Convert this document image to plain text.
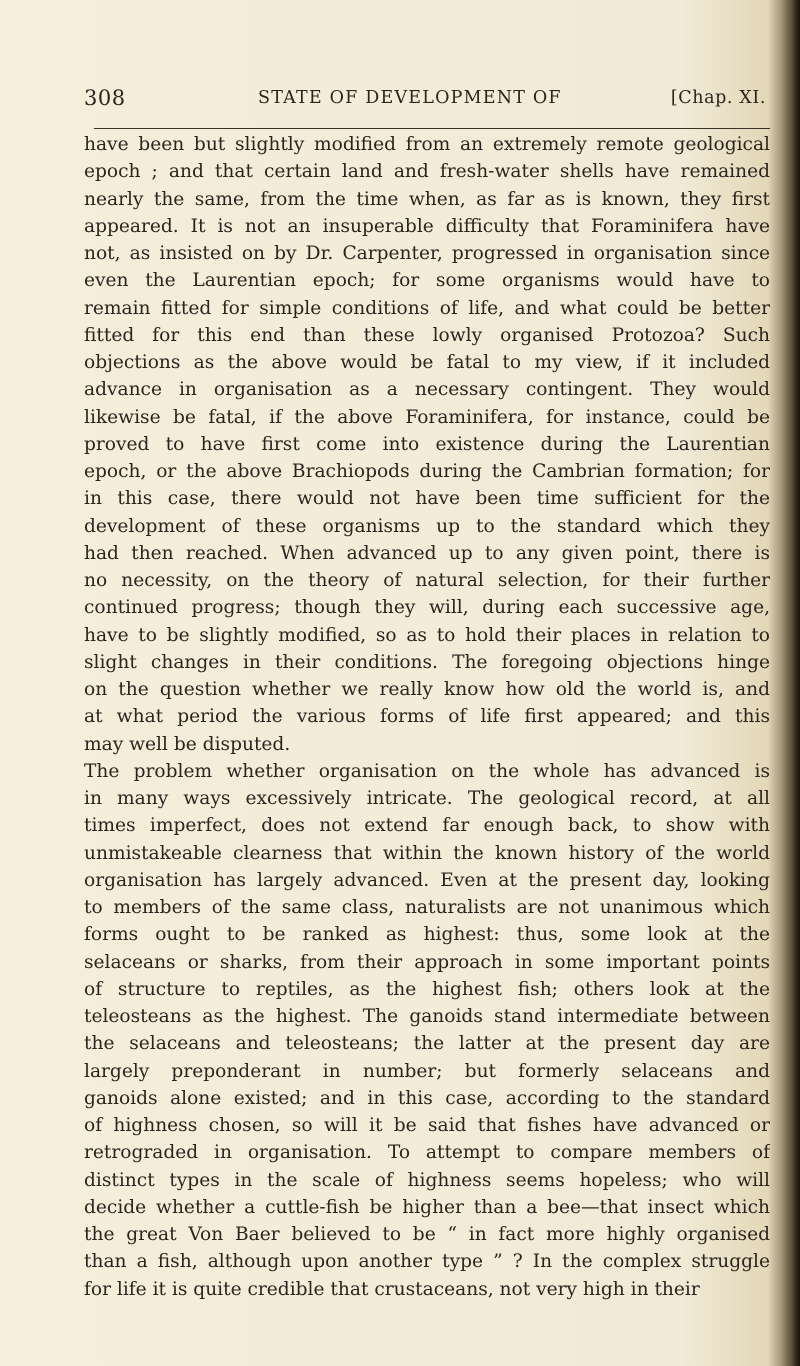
308	STATE OF DEVELOPMENT OF	[Chap. XI.
have been but slightly modified from an extremely remote geological
epoch ; and that certain land and fresh-water shells have remained
nearly the same, from the time when, as far as is known, they first
appeared. It is not an insuperable difficulty that Foraminifera have
not, as insisted on by Dr. Carpenter, progressed in organisation since
even the Laurentian epoch; for some organisms would have to
remain fitted for simple conditions of life, and what could be better
fitted for this end than these lowly organised Protozoa? Such
objections as the above would be fatal to my view, if it included
advance in organisation as a necessary contingent. They would
likewise be fatal, if the above Foraminifera, for instance, could be
proved to have first come into existence during the Laurentian
epoch, or the above Brachiopods during the Cambrian formation; for
in this case, there would not have been time sufficient for the
development of these organisms up to the standard which they
had then reached. When advanced up to any given point, there is
no necessity, on the theory of natural selection, for their further
continued progress; though they will, during each successive age,
have to be slightly modified, so as to hold their places in relation to
slight changes in their conditions. The foregoing objections hinge
on the question whether we really know how old the world is, and
at what period the various forms of life first appeared; and this
may well be disputed.
The problem whether organisation on the whole has advanced is
in many ways excessively intricate. The geological record, at all
times imperfect, does not extend far enough back, to show with
unmistakeable clearness that within the known history of the world
organisation has largely advanced. Even at the present day, looking
to members of the same class, naturalists are not unanimous which
forms ought to be ranked as highest: thus, some look at the
selaceans or sharks, from their approach in some important points
of structure to reptiles, as the highest fish; others look at the
teleosteans as the highest. The ganoids stand intermediate between
the selaceans and teleosteans; the latter at the present day are
largely preponderant in number; but formerly selaceans and
ganoids alone existed; and in this case, according to the standard
of highness chosen, so will it be said that fishes have advanced or
retrograded in organisation. To attempt to compare members of
distinct types in the scale of highness seems hopeless; who will
decide whether a cuttle-fish be higher than a bee—that insect which
the great Von Baer believed to be “ in fact more highly organised
than a fish, although upon another type ” ? In the complex struggle
for life it is quite credible that crustaceans, not very high in their
